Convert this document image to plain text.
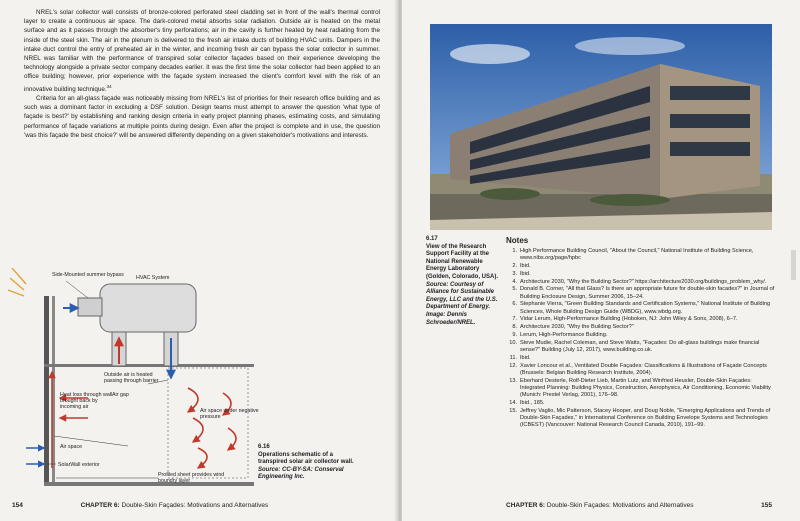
NREL's solar collector wall consists of bronze-colored perforated steel cladding set in front of the wall's thermal control layer to create a continuous air space. The dark-colored metal absorbs solar radiation. Outside air is heated on the metal surface and as it passes through the absorber's tiny perforations; air in the cavity is further heated by heat radiating from the inside of the steel skin. The air in the plenum is delivered to the fresh air intake ducts of building HVAC units. Dampers in the intake duct control the entry of preheated air in the winter, and incoming fresh air can bypass the solar collector in summer. NREL was familiar with the performance of transpired solar collector façades based on their experience developing the technology alongside a private sector company decades earlier. It was the first time the solar collector had been applied to an office building; however, prior experience with the façade system increased the client's comfort level with the risk of an innovative building technique.$^{34}$

Criteria for an all-glass façade was noticeably missing from NREL's list of priorities for their research office building and as such was a dominant factor in excluding a DSF solution. Design teams must attempt to answer the question 'what type of façade is best?' by establishing and ranking design criteria in early project planning phases, estimating costs, and simulating performance of façade variations at multiple points during design. Even after the project is complete and in use, the question 'was this façade the best choice?' will be answered differently depending on a given stakeholder's motivations and interests.

Side-Mounted summer bypass HVAC System
Heat loss through wall brought back by incoming air
Outside air is heated passing through barrier
Air gap
Air space under negative pressure
Air space
SolarWall exterior
Profiled sheet provides wind boundry layer
6.16
Operations schematic of a transpired solar air collector wall.
Source: CC-BY-SA: Conserval Engineering Inc.
154	CHAPTER 6: Double-Skin Façades: Motivations and Alternatives
6.17
View of the Research Support Facility at the National Renewable Energy Laboratory (Golden, Colorado, USA).
Source: Courtesy of Alliance for Sustainable Energy, LLC and the U.S. Department of Energy. Image: Dennis Schroeder/NREL.
Notes
1. High Performance Building Council, "About the Council," National Institute of Building Science, www.nibs.org/page/hpbc
2. Ibid.
3. Ibid.
4. Architecture 2030, "Why the Building Sector?" https://architecture2030.org/buildings_problem_why/.
5. Donald B. Corner, "All that Glass? Is there an appropriate future for double-skin facades?" in Journal of Building Enclosure Design, Summer 2006, 15–24.
6. Stephanie Vierra, "Green Building Standards and Certification Systems," National Institute of Building Sciences, Whole Building Design Guide (WBDG), www.wbdg.org.
7. Vidar Lerum, High-Performance Building (Hoboken, NJ: John Wiley & Sons, 2008), 6–7.
8. Architecture 2030, "Why the Building Sector?"
9. Lerum, High-Performance Building.
10. Steve Mudie, Rachel Coleman, and Steve Watts, "Façades: Do all-glass buildings make financial sense?" Building (July 12, 2017), www.building.co.uk.
11. Ibid.
12. Xavier Loncour et al., Ventilated Double Façades: Classifications & Illustrations of Façade Concepts (Brussels: Belgian Building Research Institute, 2004).
13. Eberhard Oesterle, Rolf-Dieter Lieb, Martin Lutz, and Winfried Heusler, Double-Skin Façades: Integrated Planning: Building Physics, Construction, Aerophysics, Air Conditioning, Economic Viability (Munich: Prestel Verlag, 2001), 176–98.
14. Ibid., 185.
15. Jeffrey Vaglio, Mic Patterson, Stacey Hooper, and Doug Noble, "Emerging Applications and Trends of Double-Skin Façades," in International Conference on Building Envelope Systems and Technologies (ICBEST) (Vancouver: National Research Council Canada, 2010), 191–99.
CHAPTER 6: Double-Skin Façades: Motivations and Alternatives	155
